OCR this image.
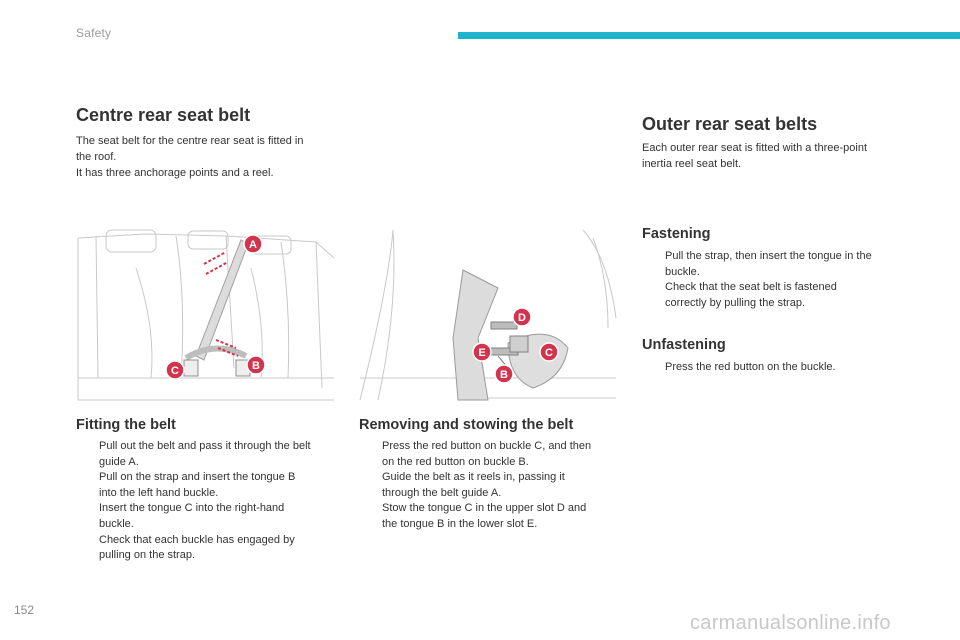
Safety
Centre rear seat belt
The seat belt for the centre rear seat is fitted in
the roof.
It has three anchorage points and a reel.
A
B
C
Fitting the belt
Pull out the belt and pass it through the belt
guide A.
Pull on the strap and insert the tongue B
into the left hand buckle.
Insert the tongue C into the right-hand
buckle.
Check that each buckle has engaged by
pulling on the strap.
D
E	C
B
Removing and stowing the belt
Press the red button on buckle C, and then
on the red button on buckle B.
Guide the belt as it reels in, passing it
through the belt guide A.
Stow the tongue C in the upper slot D and
the tongue B in the lower slot E.
Outer rear seat belts
Each outer rear seat is fitted with a three-point
inertia reel seat belt.
Fastening
Pull the strap, then insert the tongue in the
buckle.
Check that the seat belt is fastened
correctly by pulling the strap.
Unfastening
Press the red button on the buckle.
152
carmanualsonline.info
